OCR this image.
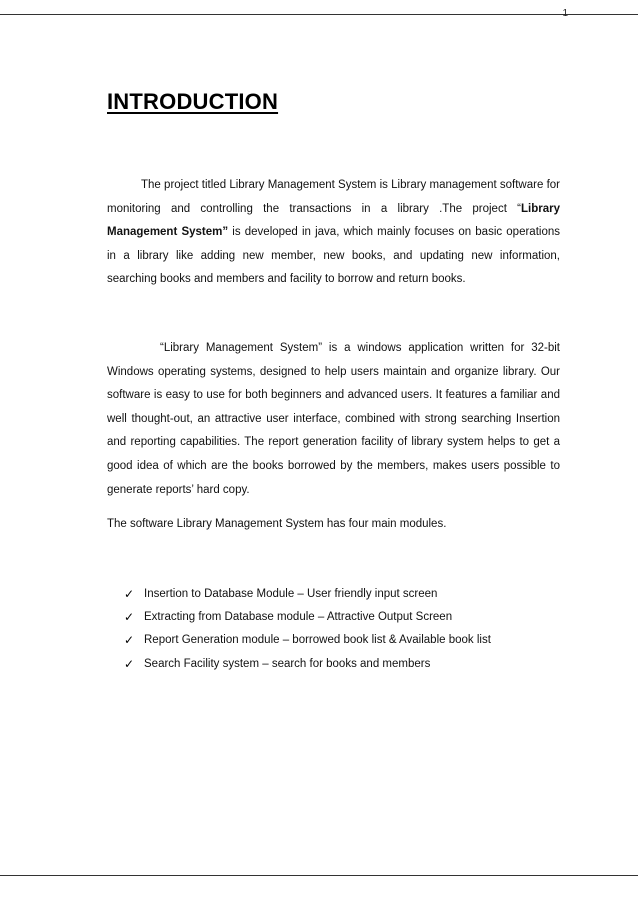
1
INTRODUCTION

The project titled Library Management System is Library management software for monitoring and controlling the transactions in a library .The project “Library Management System” is developed in java, which mainly focuses on basic operations in a library like adding new member, new books, and updating new information, searching books and members and facility to borrow and return books.

“Library Management System” is a windows application written for 32-bit Windows operating systems, designed to help users maintain and organize library. Our software is easy to use for both beginners and advanced users. It features a familiar and well thought-out, an attractive user interface, combined with strong searching Insertion and reporting capabilities. The report generation facility of library system helps to get a good idea of which are the books borrowed by the members, makes users possible to generate reports’ hard copy.

The software Library Management System has four main modules.

✓ Insertion to Database Module – User friendly input screen
✓ Extracting from Database module – Attractive Output Screen
✓ Report Generation module – borrowed book list & Available book list
✓ Search Facility system – search for books and members
